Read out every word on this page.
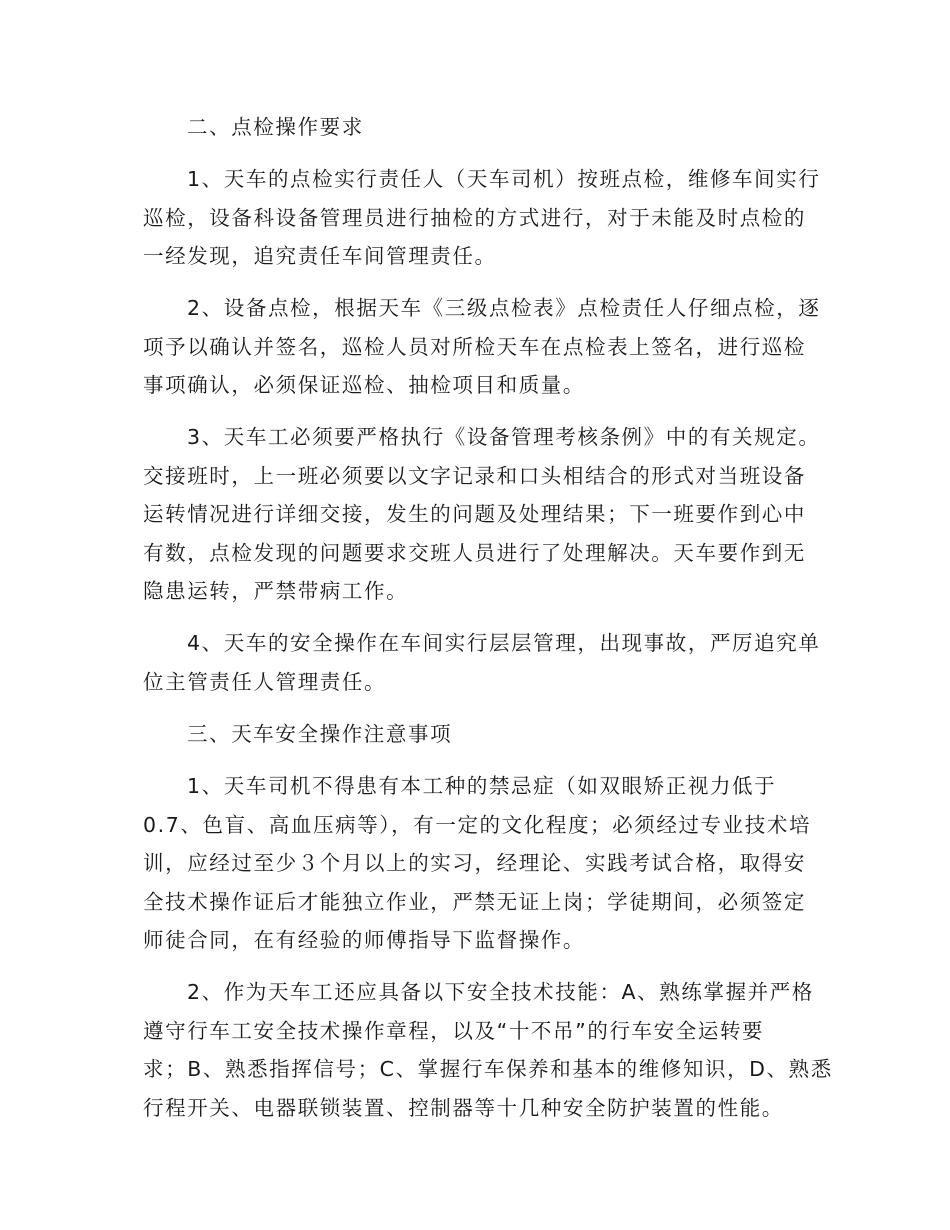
二、点检操作要求
1、天车的点检实行责任人（天车司机）按班点检，维修车间实行
巡检，设备科设备管理员进行抽检的方式进行，对于未能及时点检的
一经发现，追究责任车间管理责任。
2、设备点检，根据天车《三级点检表》点检责任人仔细点检，逐
项予以确认并签名，巡检人员对所检天车在点检表上签名，进行巡检
事项确认，必须保证巡检、抽检项目和质量。
3、天车工必须要严格执行《设备管理考核条例》中的有关规定。
交接班时，上一班必须要以文字记录和口头相结合的形式对当班设备
运转情况进行详细交接，发生的问题及处理结果；下一班要作到心中
有数，点检发现的问题要求交班人员进行了处理解决。天车要作到无
隐患运转，严禁带病工作。
4、天车的安全操作在车间实行层层管理，出现事故，严厉追究单
位主管责任人管理责任。
三、天车安全操作注意事项
1、天车司机不得患有本工种的禁忌症（如双眼矫正视力低于
0.7、色盲、高血压病等），有一定的文化程度；必须经过专业技术培
训，应经过至少３个月以上的实习，经理论、实践考试合格，取得安
全技术操作证后才能独立作业，严禁无证上岗；学徒期间，必须签定
师徒合同，在有经验的师傅指导下监督操作。
2、作为天车工还应具备以下安全技术技能：A、熟练掌握并严格
遵守行车工安全技术操作章程，以及“十不吊”的行车安全运转要
求；B、熟悉指挥信号；C、掌握行车保养和基本的维修知识，D、熟悉
行程开关、电器联锁装置、控制器等十几种安全防护装置的性能。
